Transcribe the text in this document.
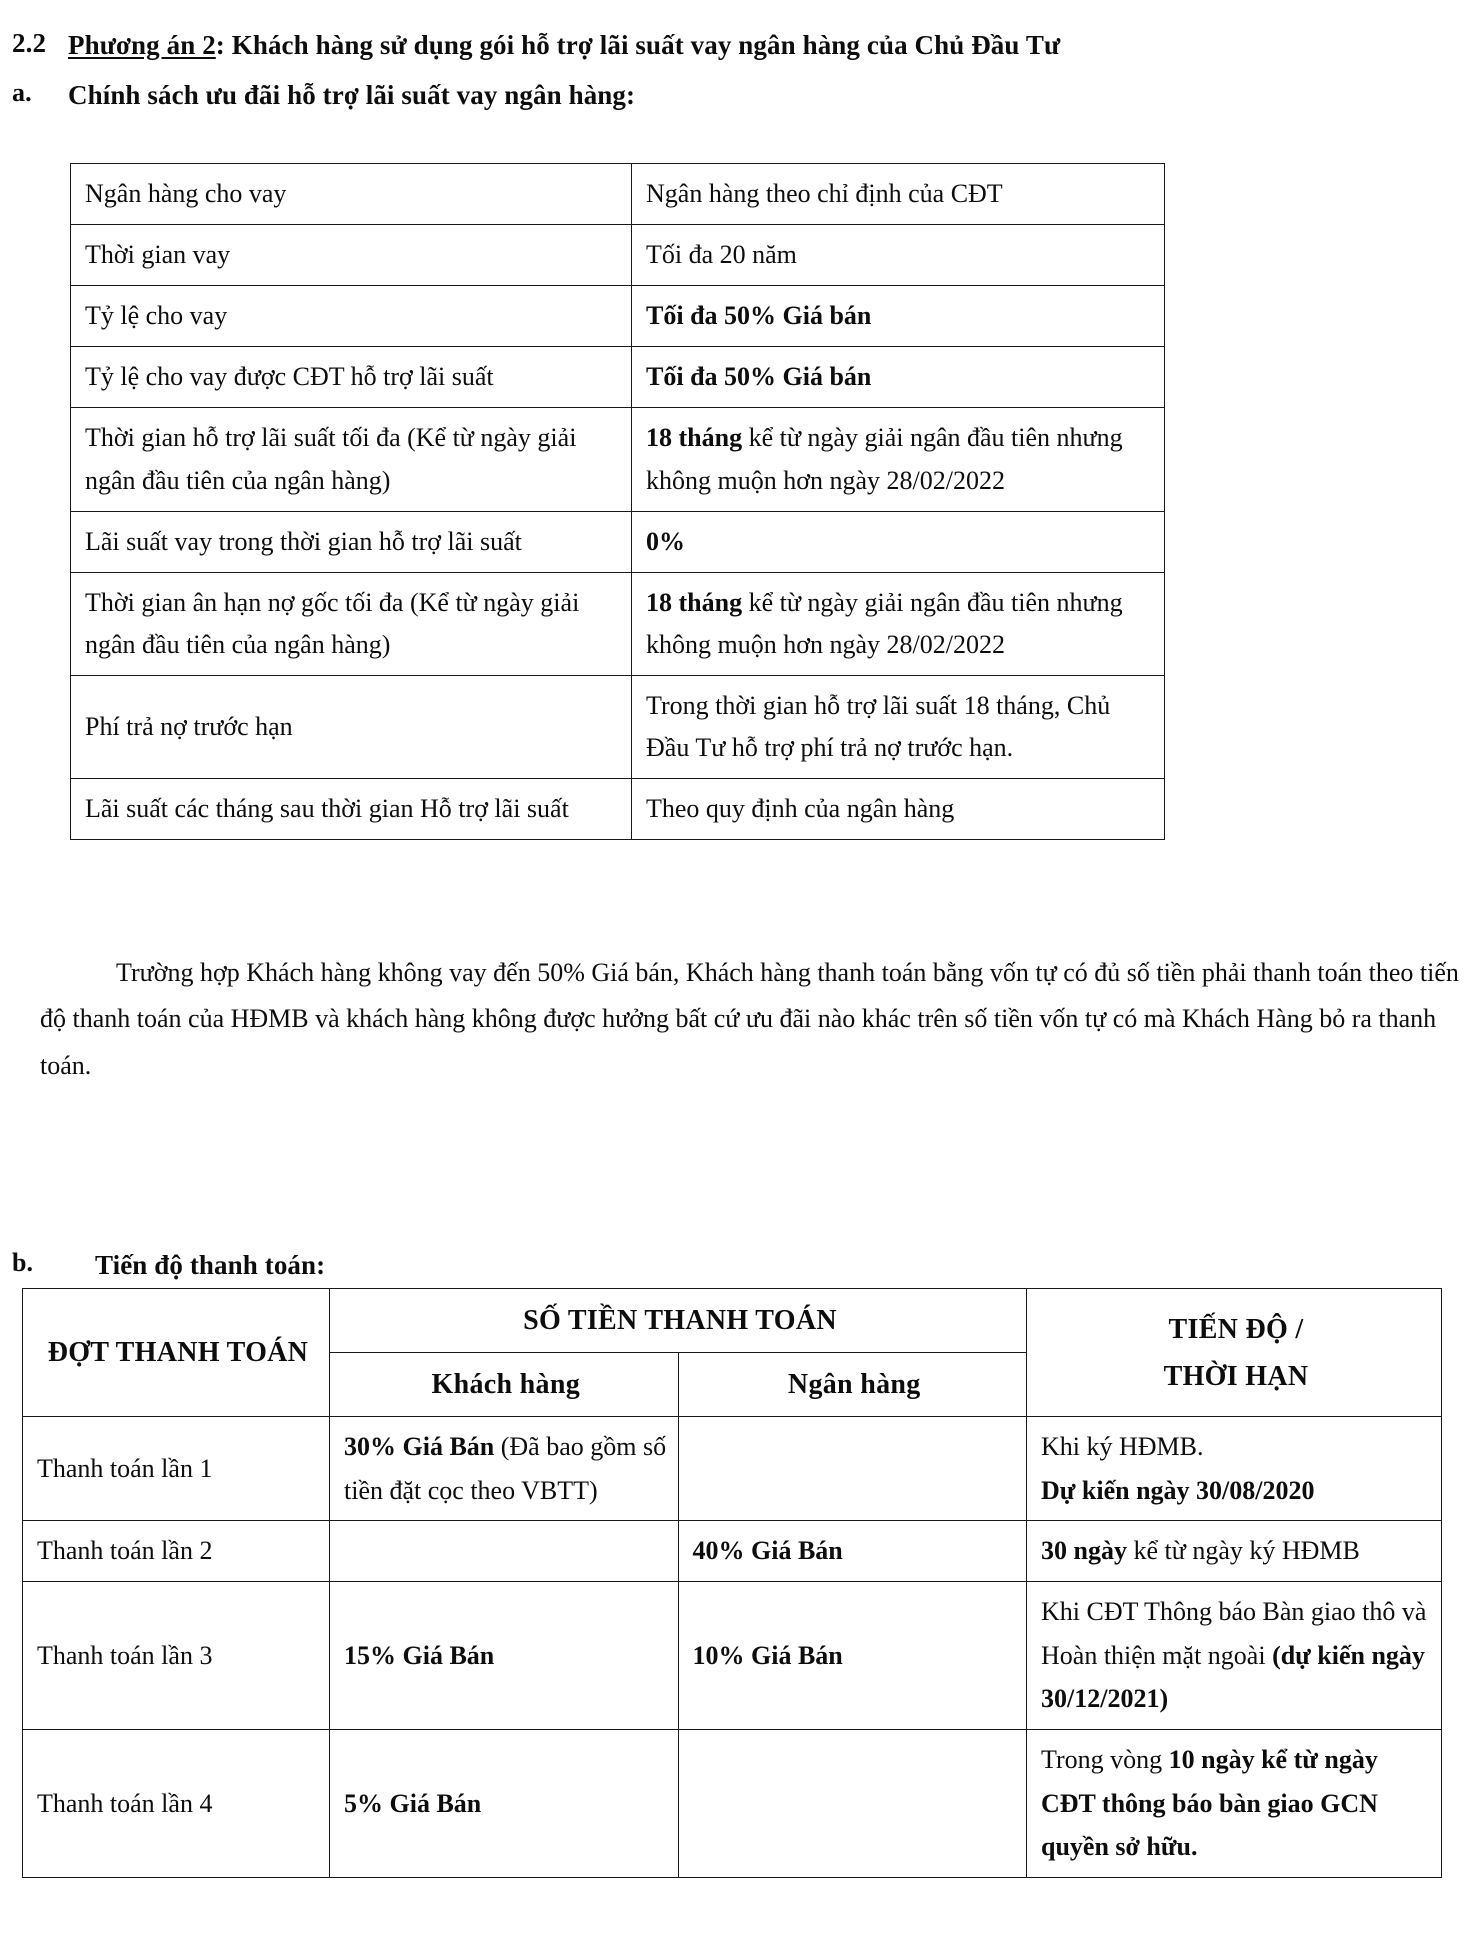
2.2 Phương án 2: Khách hàng sử dụng gói hỗ trợ lãi suất vay ngân hàng của Chủ Đầu Tư
a.	Chính sách ưu đãi hỗ trợ lãi suất vay ngân hàng:
Ngân hàng cho vay	Ngân hàng theo chỉ định của CĐT
Thời gian vay	Tối đa 20 năm
Tỷ lệ cho vay	Tối đa 50% Giá bán
Tỷ lệ cho vay được CĐT hỗ trợ lãi suất	Tối đa 50% Giá bán
Thời gian hỗ trợ lãi suất tối đa (Kể từ ngày giải ngân đầu tiên của ngân hàng)	18 tháng kể từ ngày giải ngân đầu tiên nhưng không muộn hơn ngày 28/02/2022
Lãi suất vay trong thời gian hỗ trợ lãi suất	0%
Thời gian ân hạn nợ gốc tối đa (Kể từ ngày giải ngân đầu tiên của ngân hàng)	18 tháng kể từ ngày giải ngân đầu tiên nhưng không muộn hơn ngày 28/02/2022
Phí trả nợ trước hạn	Trong thời gian hỗ trợ lãi suất 18 tháng, Chủ Đầu Tư hỗ trợ phí trả nợ trước hạn.
Lãi suất các tháng sau thời gian Hỗ trợ lãi suất	Theo quy định của ngân hàng
Trường hợp Khách hàng không vay đến 50% Giá bán, Khách hàng thanh toán bằng vốn tự có đủ số tiền phải thanh toán theo tiến độ thanh toán của HĐMB và khách hàng không được hưởng bất cứ ưu đãi nào khác trên số tiền vốn tự có mà Khách Hàng bỏ ra thanh toán.
b.	Tiến độ thanh toán:
ĐỢT THANH TOÁN	SỐ TIỀN THANH TOÁN		TIẾN ĐỘ /
THỜI HẠN

	Khách hàng	Ngân hàng	
Thanh toán lần 1	30% Giá Bán (Đã bao gồm số tiền đặt cọc theo VBTT)		Khi ký HĐMB.
Dự kiến ngày 30/08/2020

Thanh toán lần 2		40% Giá Bán	30 ngày kể từ ngày ký HĐMB
Thanh toán lần 3	15% Giá Bán	10% Giá Bán	Khi CĐT Thông báo Bàn giao thô và Hoàn thiện mặt ngoài (dự kiến ngày 30/12/2021)
Thanh toán lần 4	5% Giá Bán		Trong vòng 10 ngày kể từ ngày CĐT thông báo bàn giao GCN quyền sở hữu.
